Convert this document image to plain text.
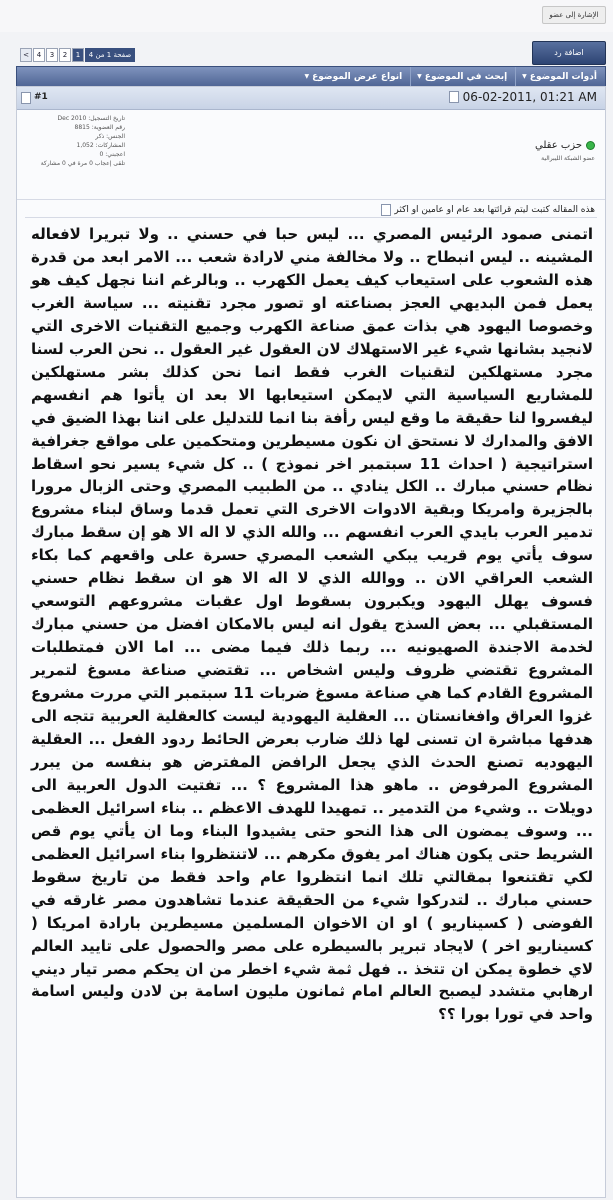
الإشارة إلى عضو
<	4	3	2	1	صفحة 1 من 4	اضافة رد
أدوات الموضوع
▼
إبحث في الموضوع
▼
انواع عرض الموضوع
▼
#1	06-02-2011, 01:21 AM
تاريخ التسجيل: Dec 2010
رقم العضوية: 8815
الجنس: ذكر
المشاركات: 1,052
اعجبني: 0
تلقى إعجاب 0 مرة في 0 مشاركة
حزب عقلي
عضو الشبكة الليبرالية
هذه المقاله كتبت ليتم قرائتها بعد عام او عامين او اكثر
اتمنى صمود الرئيس المصري ... ليس حبا في حسني .. ولا تبريرا لافعاله المشينه .. ليس انبطاح .. ولا مخالفة مني لارادة شعب ... الامر ابعد من قدرة هذه الشعوب على استيعاب كيف يعمل الكهرب .. وبالرغم اننا نجهل كيف هو يعمل فمن البديهي العجز بصناعته او تصور مجرد تقنيته ... سياسة الغرب وخصوصا اليهود هي بذات عمق صناعة الكهرب وجميع التقنيات الاخرى التي لانجيد بشانها شيء غير الاستهلاك لان العقول غير العقول .. نحن العرب لسنا مجرد مستهلكين لتقنيات الغرب فقط انما نحن كذلك بشر مستهلكين للمشاريع السياسية التي لايمكن استيعابها الا بعد ان يأتوا هم انفسهم ليفسروا لنا حقيقة ما وقع ليس رأفة بنا انما للتدليل على اننا بهذا الضيق في الافق والمدارك لا نستحق ان نكون مسيطرين ومتحكمين على مواقع جغرافية استراتيجية ( احداث 11 سبتمبر اخر نموذج ) .. كل شيء يسير نحو اسقاط نظام حسني مبارك .. الكل ينادي .. من الطبيب المصري وحتى الزبال مرورا بالجزيرة وامريكا وبقية الادوات الاخرى التي تعمل قدما وساق لبناء مشروع تدمير العرب بايدي العرب انفسهم ... والله الذي لا اله الا هو إن سقط مبارك سوف يأتي يوم قريب يبكي الشعب المصري حسرة على واقعهم كما بكاء الشعب العراقي الان .. ووالله الذي لا اله الا هو ان سقط نظام حسني فسوف يهلل اليهود ويكبرون بسقوط اول عقبات مشروعهم التوسعي المستقبلي ... بعض السذج يقول انه ليس بالامكان افضل من حسني مبارك لخدمة الاجندة الصهيونيه ... ربما ذلك فيما مضى ... اما الان فمتطلبات المشروع تقتضي ظروف وليس اشخاص ... تقتضي صناعة مسوغ لتمرير المشروع القادم كما هي صناعة مسوغ ضربات 11 سبتمبر التي مررت مشروع غزوا العراق وافغانستان ... العقلية اليهودية ليست كالعقلية العربية تتجه الى هدفها مباشرة ان تسنى لها ذلك ضارب بعرض الحائط ردود الفعل ... العقلية اليهوديه تصنع الحدث الذي يجعل الرافض المفترض هو بنفسه من يبرر المشروع المرفوض .. ماهو هذا المشروع ؟ ... تفتيت الدول العربية الى دويلات .. وشيء من التدمير .. تمهيدا للهدف الاعظم .. بناء اسرائيل العظمى ... وسوف يمضون الى هذا النحو حتى يشيدوا البناء وما ان يأتي يوم قص الشريط حتى يكون هناك امر يفوق مكرهم ... لاتنتظروا بناء اسرائيل العظمى لكي تقتنعوا بمقالتي تلك انما انتظروا عام واحد فقط من تاريخ سقوط حسني مبارك .. لتدركوا شيء من الحقيقة عندما تشاهدون مصر غارقه في الفوضى ( كسيناريو ) او ان الاخوان المسلمين مسيطرين بارادة امريكا ( كسيناريو اخر ) لايجاد تبرير بالسيطره على مصر والحصول على تاييد العالم لاي خطوة يمكن ان تتخذ .. فهل ثمة شيء اخطر من ان يحكم مصر تيار ديني ارهابي متشدد ليصبح العالم امام ثمانون مليون اسامة بن لادن وليس اسامة واحد في تورا بورا ؟؟
